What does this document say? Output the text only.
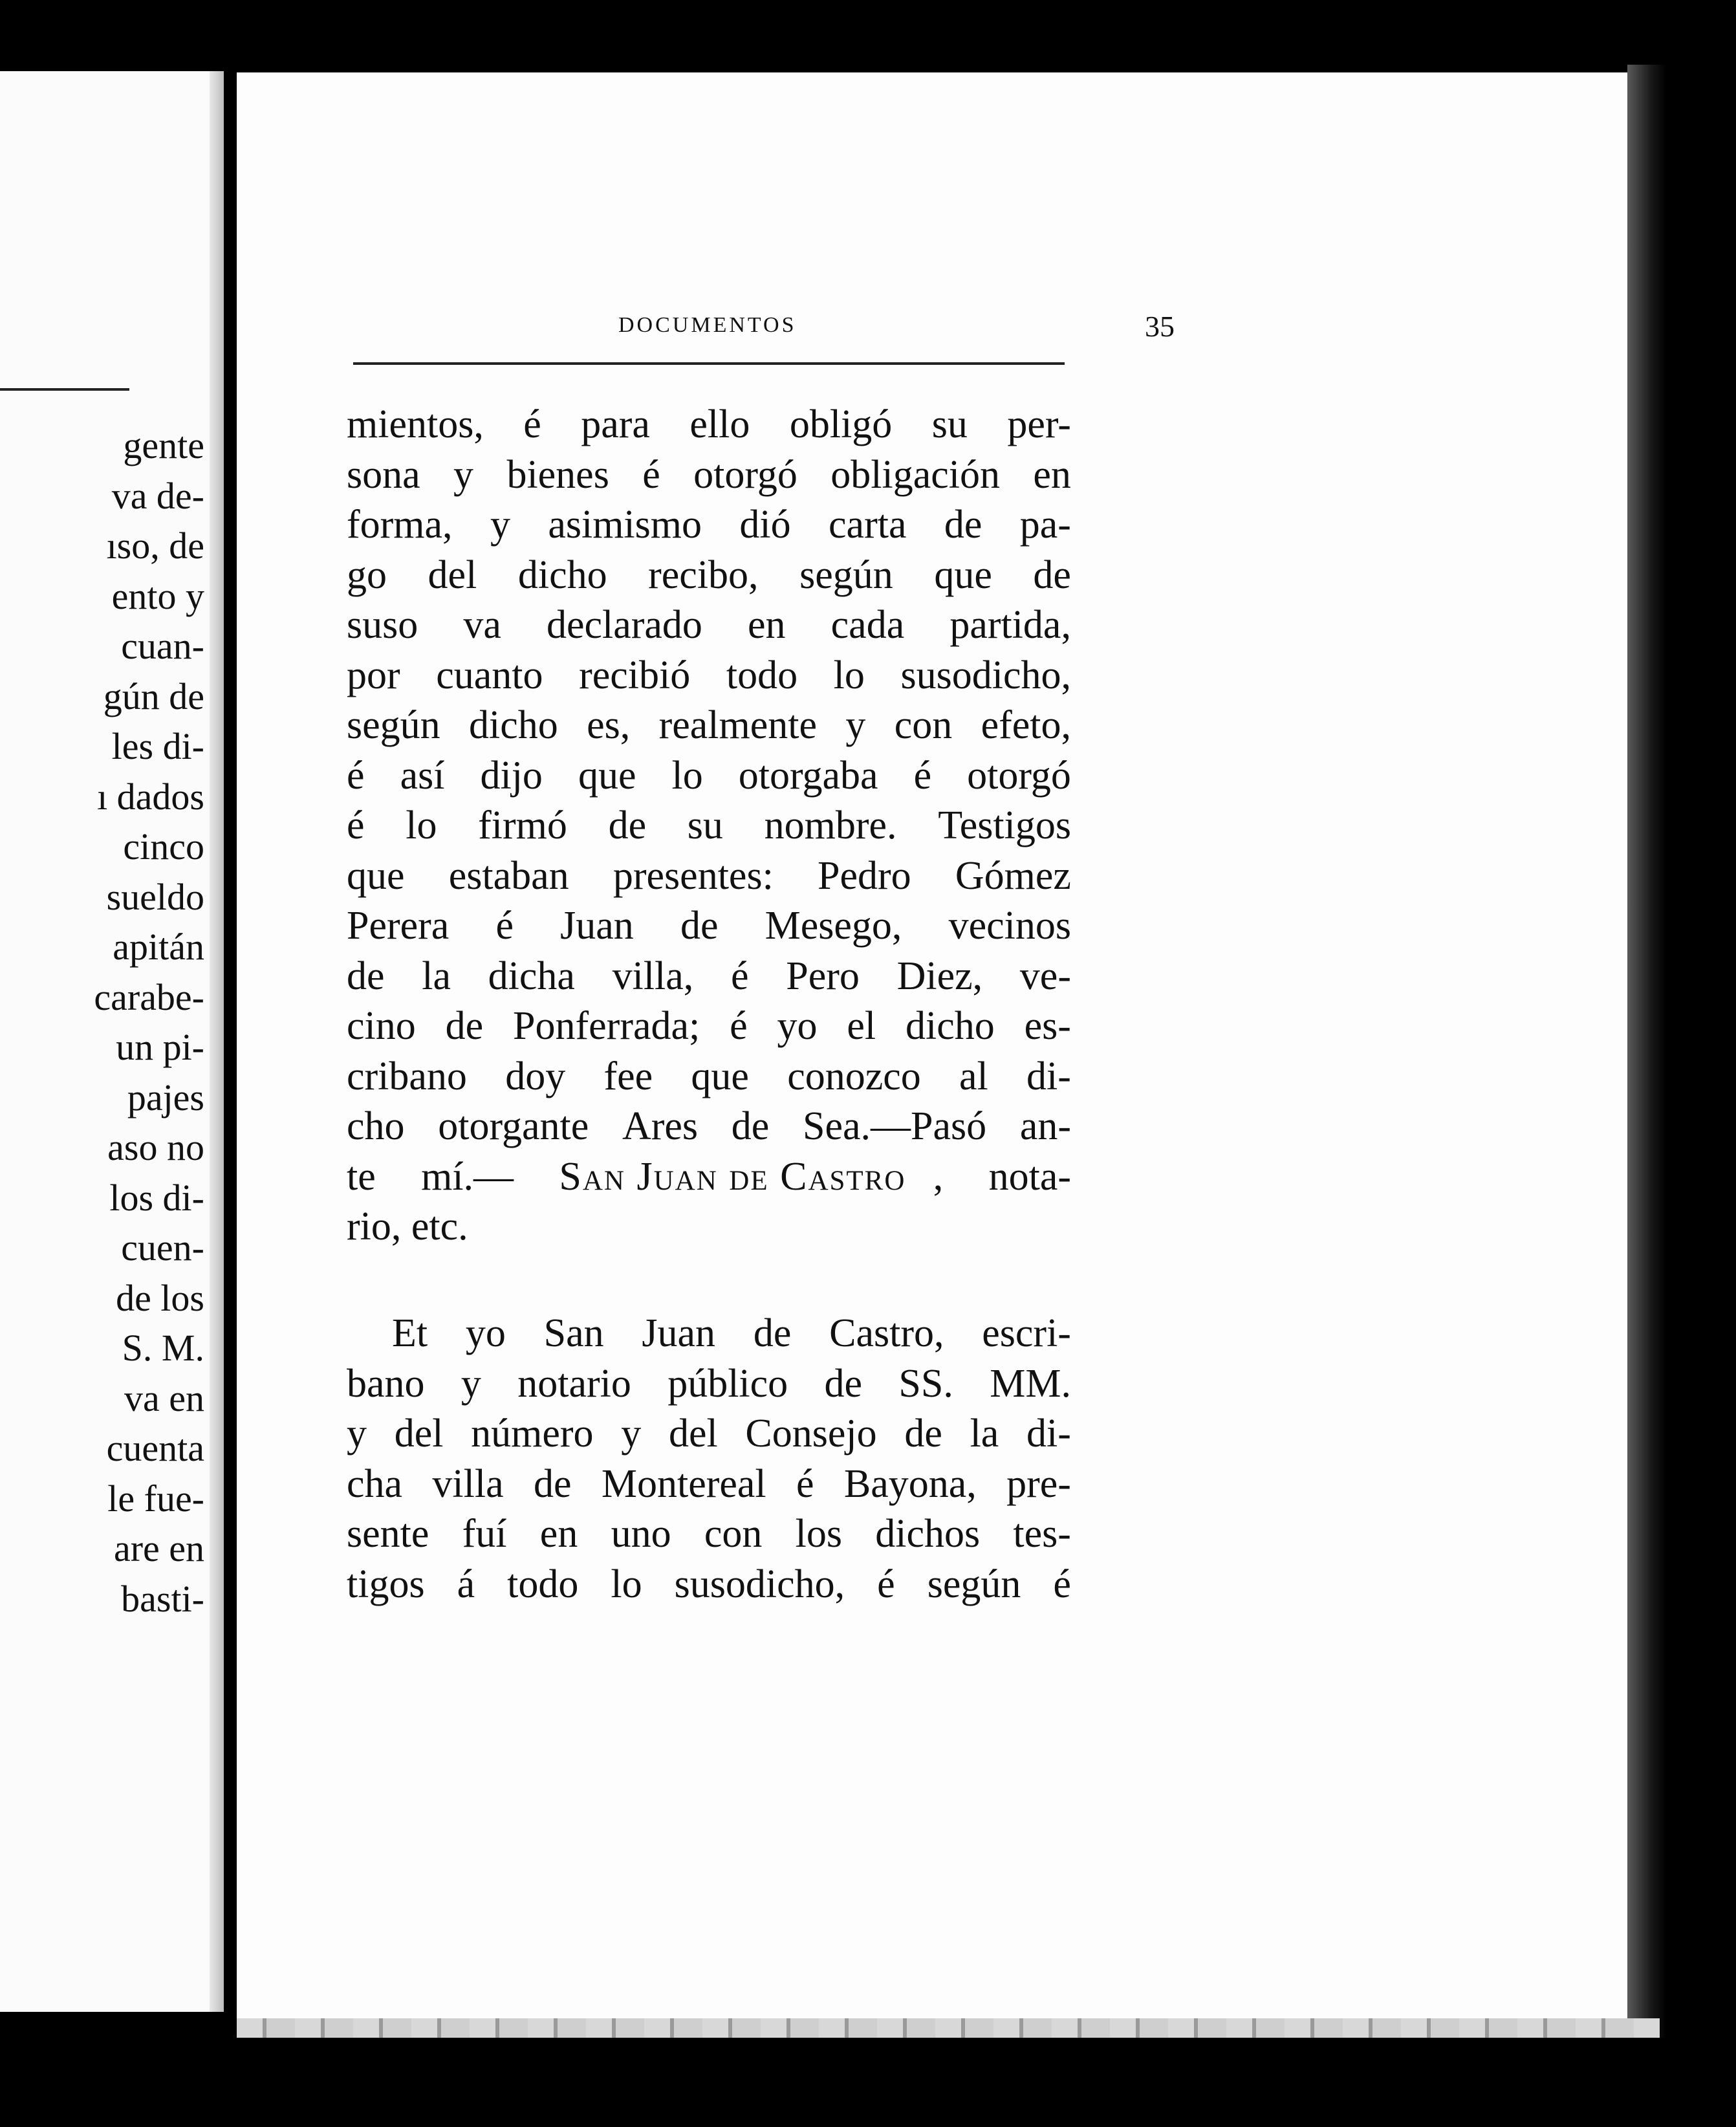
gente
va de-
ıso, de
ento y
cuan-
gún de
les di-
ı dados
cinco
sueldo
apitán
carabe-
un pi-
pajes
aso no
los di-
cuen-
de los
S. M.
va en
cuenta
le fue-
are en
basti-
DOCUMENTOS	35
mientos, é para ello obligó su per-
sona y bienes é otorgó obligación en
forma, y asimismo dió carta de pa-
go del dicho recibo, según que de
suso va declarado en cada partida,
por cuanto recibió todo lo susodicho,
según dicho es, realmente y con efeto,
é así dijo que lo otorgaba é otorgó
é lo firmó de su nombre. Testigos
que estaban presentes: Pedro Gómez
Perera é Juan de Mesego, vecinos
de la dicha villa, é Pero Diez, ve-
cino de Ponferrada; é yo el dicho es-
cribano doy fee que conozco al di-
cho otorgante Ares de Sea.—Pasó an-
te mí.— San Juan de Castro , nota-
rio, etc.
Et yo San Juan de Castro, escri-
bano y notario público de SS. MM.
y del número y del Consejo de la di-
cha villa de Montereal é Bayona, pre-
sente fuí en uno con los dichos tes-
tigos á todo lo susodicho, é según é
